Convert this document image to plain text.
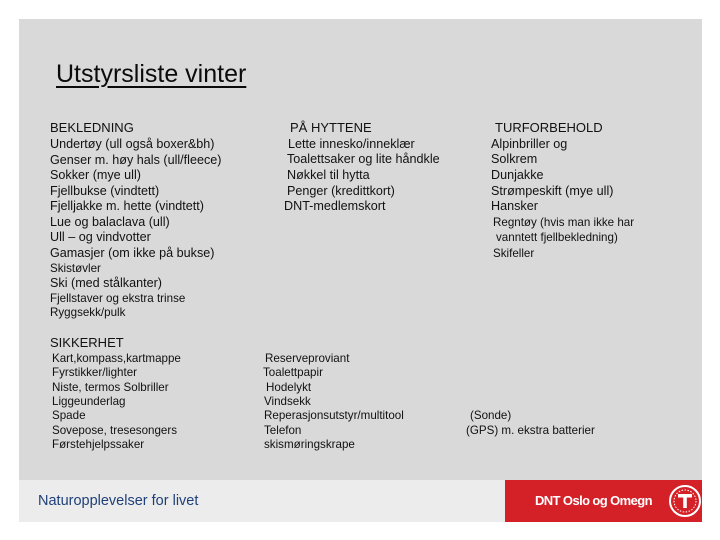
Utstyrsliste vinter
BEKLEDNING
Undertøy (ull også boxer&bh)
Genser m. høy hals (ull/fleece)
Sokker (mye ull)
Fjellbukse (vindtett)
Fjelljakke m. hette (vindtett)
Lue og balaclava (ull)
Ull – og vindvotter
Gamasjer (om ikke på bukse)
Skistøvler
Ski (med stålkanter)
Fjellstaver og ekstra trinse
Ryggsekk/pulk
PÅ HYTTENE
Lette innesko/inneklær
Toalettsaker og lite håndkle
Nøkkel til hytta
Penger (kredittkort)
DNT-medlemskort
TURFORBEHOLD
Alpinbriller og
Solkrem
Dunjakke
Strømpeskift (mye ull)
Hansker
Regntøy (hvis man ikke har
vanntett fjellbekledning)
Skifeller
SIKKERHET
Kart,kompass,kartmappe
Fyrstikker/lighter
Niste, termos Solbriller
Liggeunderlag
Spade
Sovepose, tresesongers
Førstehjelpssaker
Reserveproviant
Toalettpapir
Hodelykt
Vindsekk
Reperasjonsutstyr/multitool
Telefon
skismøringskrape
(Sonde)
(GPS) m. ekstra batterier
Naturopplevelser for livet	DNT Oslo og Omegn
